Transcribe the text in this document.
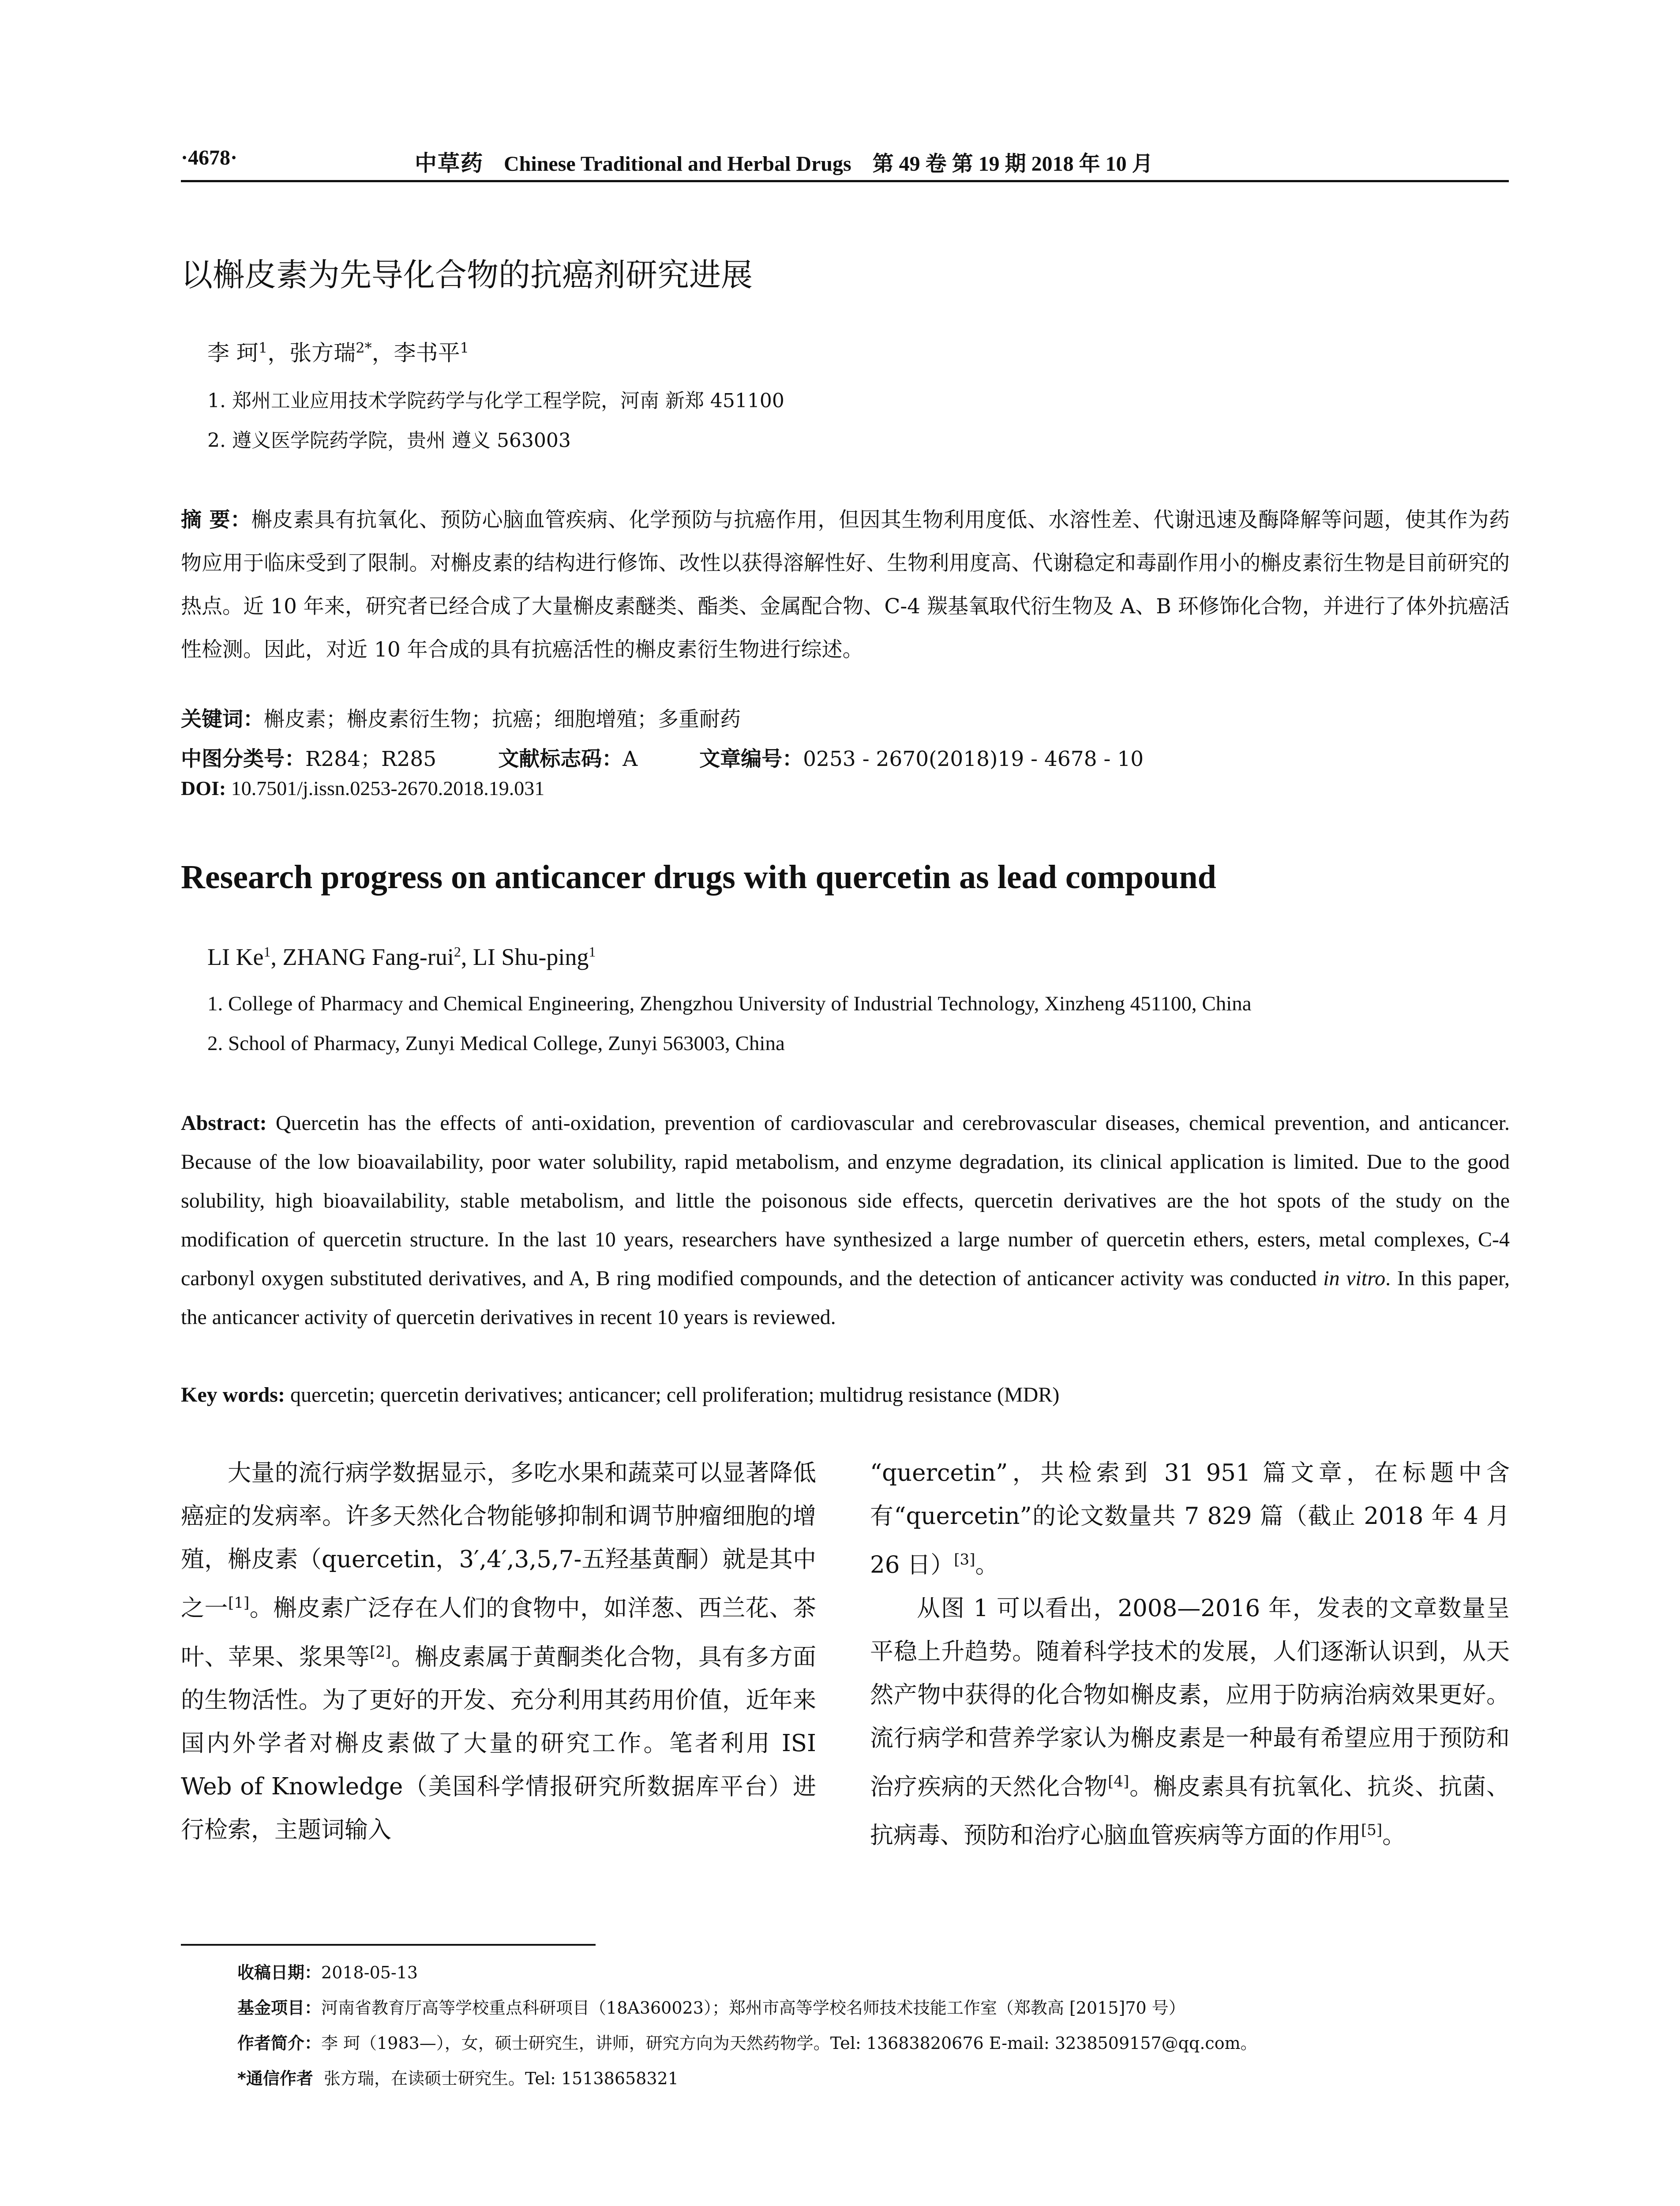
·4678·	中草药 Chinese Traditional and Herbal Drugs 第 49 卷 第 19 期 2018 年 10 月
以槲皮素为先导化合物的抗癌剂研究进展
李 珂$^1$，张方瑞$^{2*}$，李书平$^1$
1. 郑州工业应用技术学院药学与化学工程学院，河南 新郑 451100
2. 遵义医学院药学院，贵州 遵义 563003
摘 要：槲皮素具有抗氧化、预防心脑血管疾病、化学预防与抗癌作用，但因其生物利用度低、水溶性差、代谢迅速及酶降解等问题，使其作为药物应用于临床受到了限制。对槲皮素的结构进行修饰、改性以获得溶解性好、生物利用度高、代谢稳定和毒副作用小的槲皮素衍生物是目前研究的热点。近 10 年来，研究者已经合成了大量槲皮素醚类、酯类、金属配合物、C-4 羰基氧取代衍生物及 A、B 环修饰化合物，并进行了体外抗癌活性检测。因此，对近 10 年合成的具有抗癌活性的槲皮素衍生物进行综述。
关键词：槲皮素；槲皮素衍生物；抗癌；细胞增殖；多重耐药
中图分类号：R284；R285	文献标志码：A	文章编号：0253 - 2670(2018)19 - 4678 - 10
DOI: 10.7501/j.issn.0253-2670.2018.19.031
Research progress on anticancer drugs with quercetin as lead compound
LI Ke$^1$, ZHANG Fang-rui$^2$, LI Shu-ping$^1$
1. College of Pharmacy and Chemical Engineering, Zhengzhou University of Industrial Technology, Xinzheng 451100, China
2. School of Pharmacy, Zunyi Medical College, Zunyi 563003, China
Abstract: Quercetin has the effects of anti-oxidation, prevention of cardiovascular and cerebrovascular diseases, chemical prevention, and anticancer. Because of the low bioavailability, poor water solubility, rapid metabolism, and enzyme degradation, its clinical application is limited. Due to the good solubility, high bioavailability, stable metabolism, and little the poisonous side effects, quercetin derivatives are the hot spots of the study on the modification of quercetin structure. In the last 10 years, researchers have synthesized a large number of quercetin ethers, esters, metal complexes, C-4 carbonyl oxygen substituted derivatives, and A, B ring modified compounds, and the detection of anticancer activity was conducted in vitro. In this paper, the anticancer activity of quercetin derivatives in recent 10 years is reviewed.
Key words: quercetin; quercetin derivatives; anticancer; cell proliferation; multidrug resistance (MDR)

大量的流行病学数据显示，多吃水果和蔬菜可以显著降低癌症的发病率。许多天然化合物能够抑制和调节肿瘤细胞的增殖，槲皮素（quercetin，3′,4′,3,5,7-五羟基黄酮）就是其中之一[1]。槲皮素广泛存在人们的食物中，如洋葱、西兰花、茶叶、苹果、浆果等[2]。槲皮素属于黄酮类化合物，具有多方面的生物活性。为了更好的开发、充分利用其药用价值，近年来国内外学者对槲皮素做了大量的研究工作。笔者利用 ISI Web of Knowledge（美国科学情报研究所数据库平台）进行检索，主题词输入

“quercetin”，共检索到 31 951 篇文章，在标题中含有“quercetin”的论文数量共 7 829 篇（截止 2018 年 4 月 26 日）[3]。

从图 1 可以看出，2008—2016 年，发表的文章数量呈平稳上升趋势。随着科学技术的发展，人们逐渐认识到，从天然产物中获得的化合物如槲皮素，应用于防病治病效果更好。流行病学和营养学家认为槲皮素是一种最有希望应用于预防和治疗疾病的天然化合物[4]。槲皮素具有抗氧化、抗炎、抗菌、抗病毒、预防和治疗心脑血管疾病等方面的作用[5]。

收稿日期：2018-05-13
基金项目：河南省教育厅高等学校重点科研项目（18A360023）；郑州市高等学校名师技术技能工作室（郑教高 [2015]70 号）
作者简介：李 珂（1983—），女，硕士研究生，讲师，研究方向为天然药物学。Tel: 13683820676 E-mail: 3238509157@qq.com。
*通信作者 张方瑞，在读硕士研究生。Tel: 15138658321
